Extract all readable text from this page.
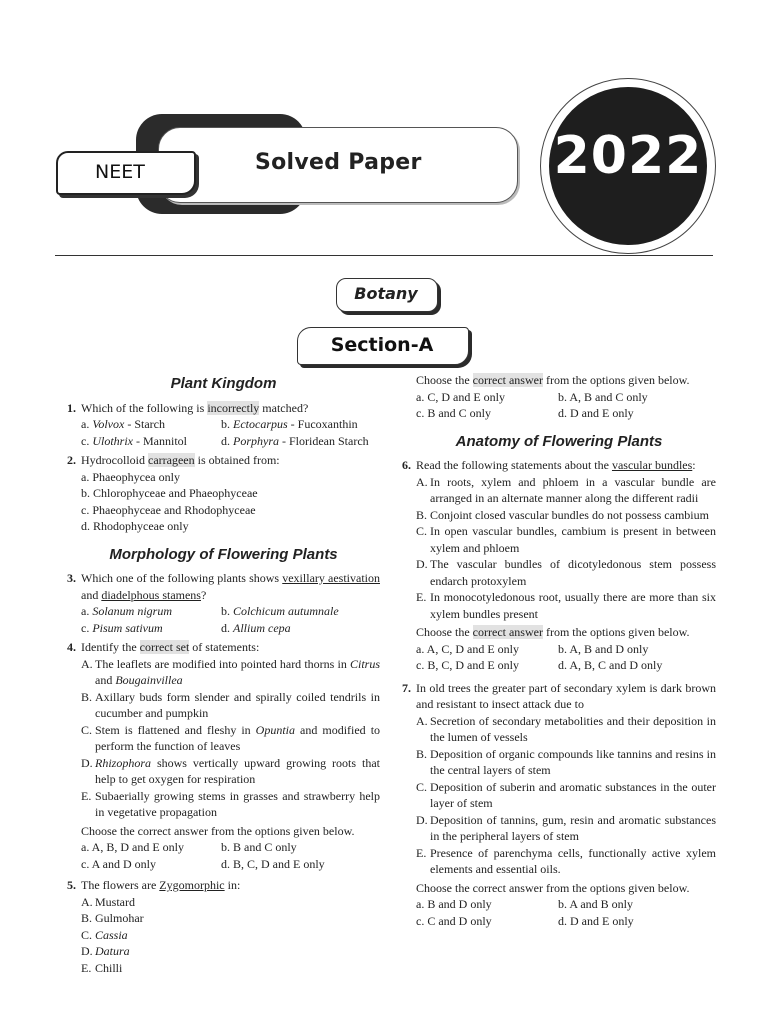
Solved Paper
NEET	2022
Botany
Section-A
Plant Kingdom
1. Which of the following is incorrectly matched?
a. Volvox - Starch	b. Ectocarpus - Fucoxanthin
c. Ulothrix - Mannitol	d. Porphyra - Floridean Starch
2. Hydrocolloid carrageen is obtained from:
a. Phaeophycea only
b. Chlorophyceae and Phaeophyceae
c. Phaeophyceae and Rhodophyceae
d. Rhodophyceae only
Morphology of Flowering Plants
3. Which one of the following plants shows vexillary aestivation and diadelphous stamens?
a. Solanum nigrum	b. Colchicum autumnale
c. Pisum sativum	d. Allium cepa
4. Identify the correct set of statements:
A. The leaflets are modified into pointed hard thorns in Citrus and Bougainvillea
B. Axillary buds form slender and spirally coiled tendrils in cucumber and pumpkin
C. Stem is flattened and fleshy in Opuntia and modified to perform the function of leaves
D. Rhizophora shows vertically upward growing roots that help to get oxygen for respiration
E. Subaerially growing stems in grasses and strawberry help in vegetative propagation
Choose the correct answer from the options given below.
a. A, B, D and E only	b. B and C only
c. A and D only	d. B, C, D and E only
5. The flowers are Zygomorphic in:
A. Mustard
B. Gulmohar
C. Cassia
D. Datura
E. Chilli
Choose the correct answer from the options given below.
a. C, D and E only	b. A, B and C only
c. B and C only	d. D and E only
Anatomy of Flowering Plants
6. Read the following statements about the vascular bundles:
A. In roots, xylem and phloem in a vascular bundle are arranged in an alternate manner along the different radii
B. Conjoint closed vascular bundles do not possess cambium
C. In open vascular bundles, cambium is present in between xylem and phloem
D. The vascular bundles of dicotyledonous stem possess endarch protoxylem
E. In monocotyledonous root, usually there are more than six xylem bundles present
Choose the correct answer from the options given below.
a. A, C, D and E only	b. A, B and D only
c. B, C, D and E only	d. A, B, C and D only
7. In old trees the greater part of secondary xylem is dark brown and resistant to insect attack due to
A. Secretion of secondary metabolities and their deposition in the lumen of vessels
B. Deposition of organic compounds like tannins and resins in the central layers of stem
C. Deposition of suberin and aromatic substances in the outer layer of stem
D. Deposition of tannins, gum, resin and aromatic substances in the peripheral layers of stem
E. Presence of parenchyma cells, functionally active xylem elements and essential oils.
Choose the correct answer from the options given below.
a. B and D only	b. A and B only
c. C and D only	d. D and E only
